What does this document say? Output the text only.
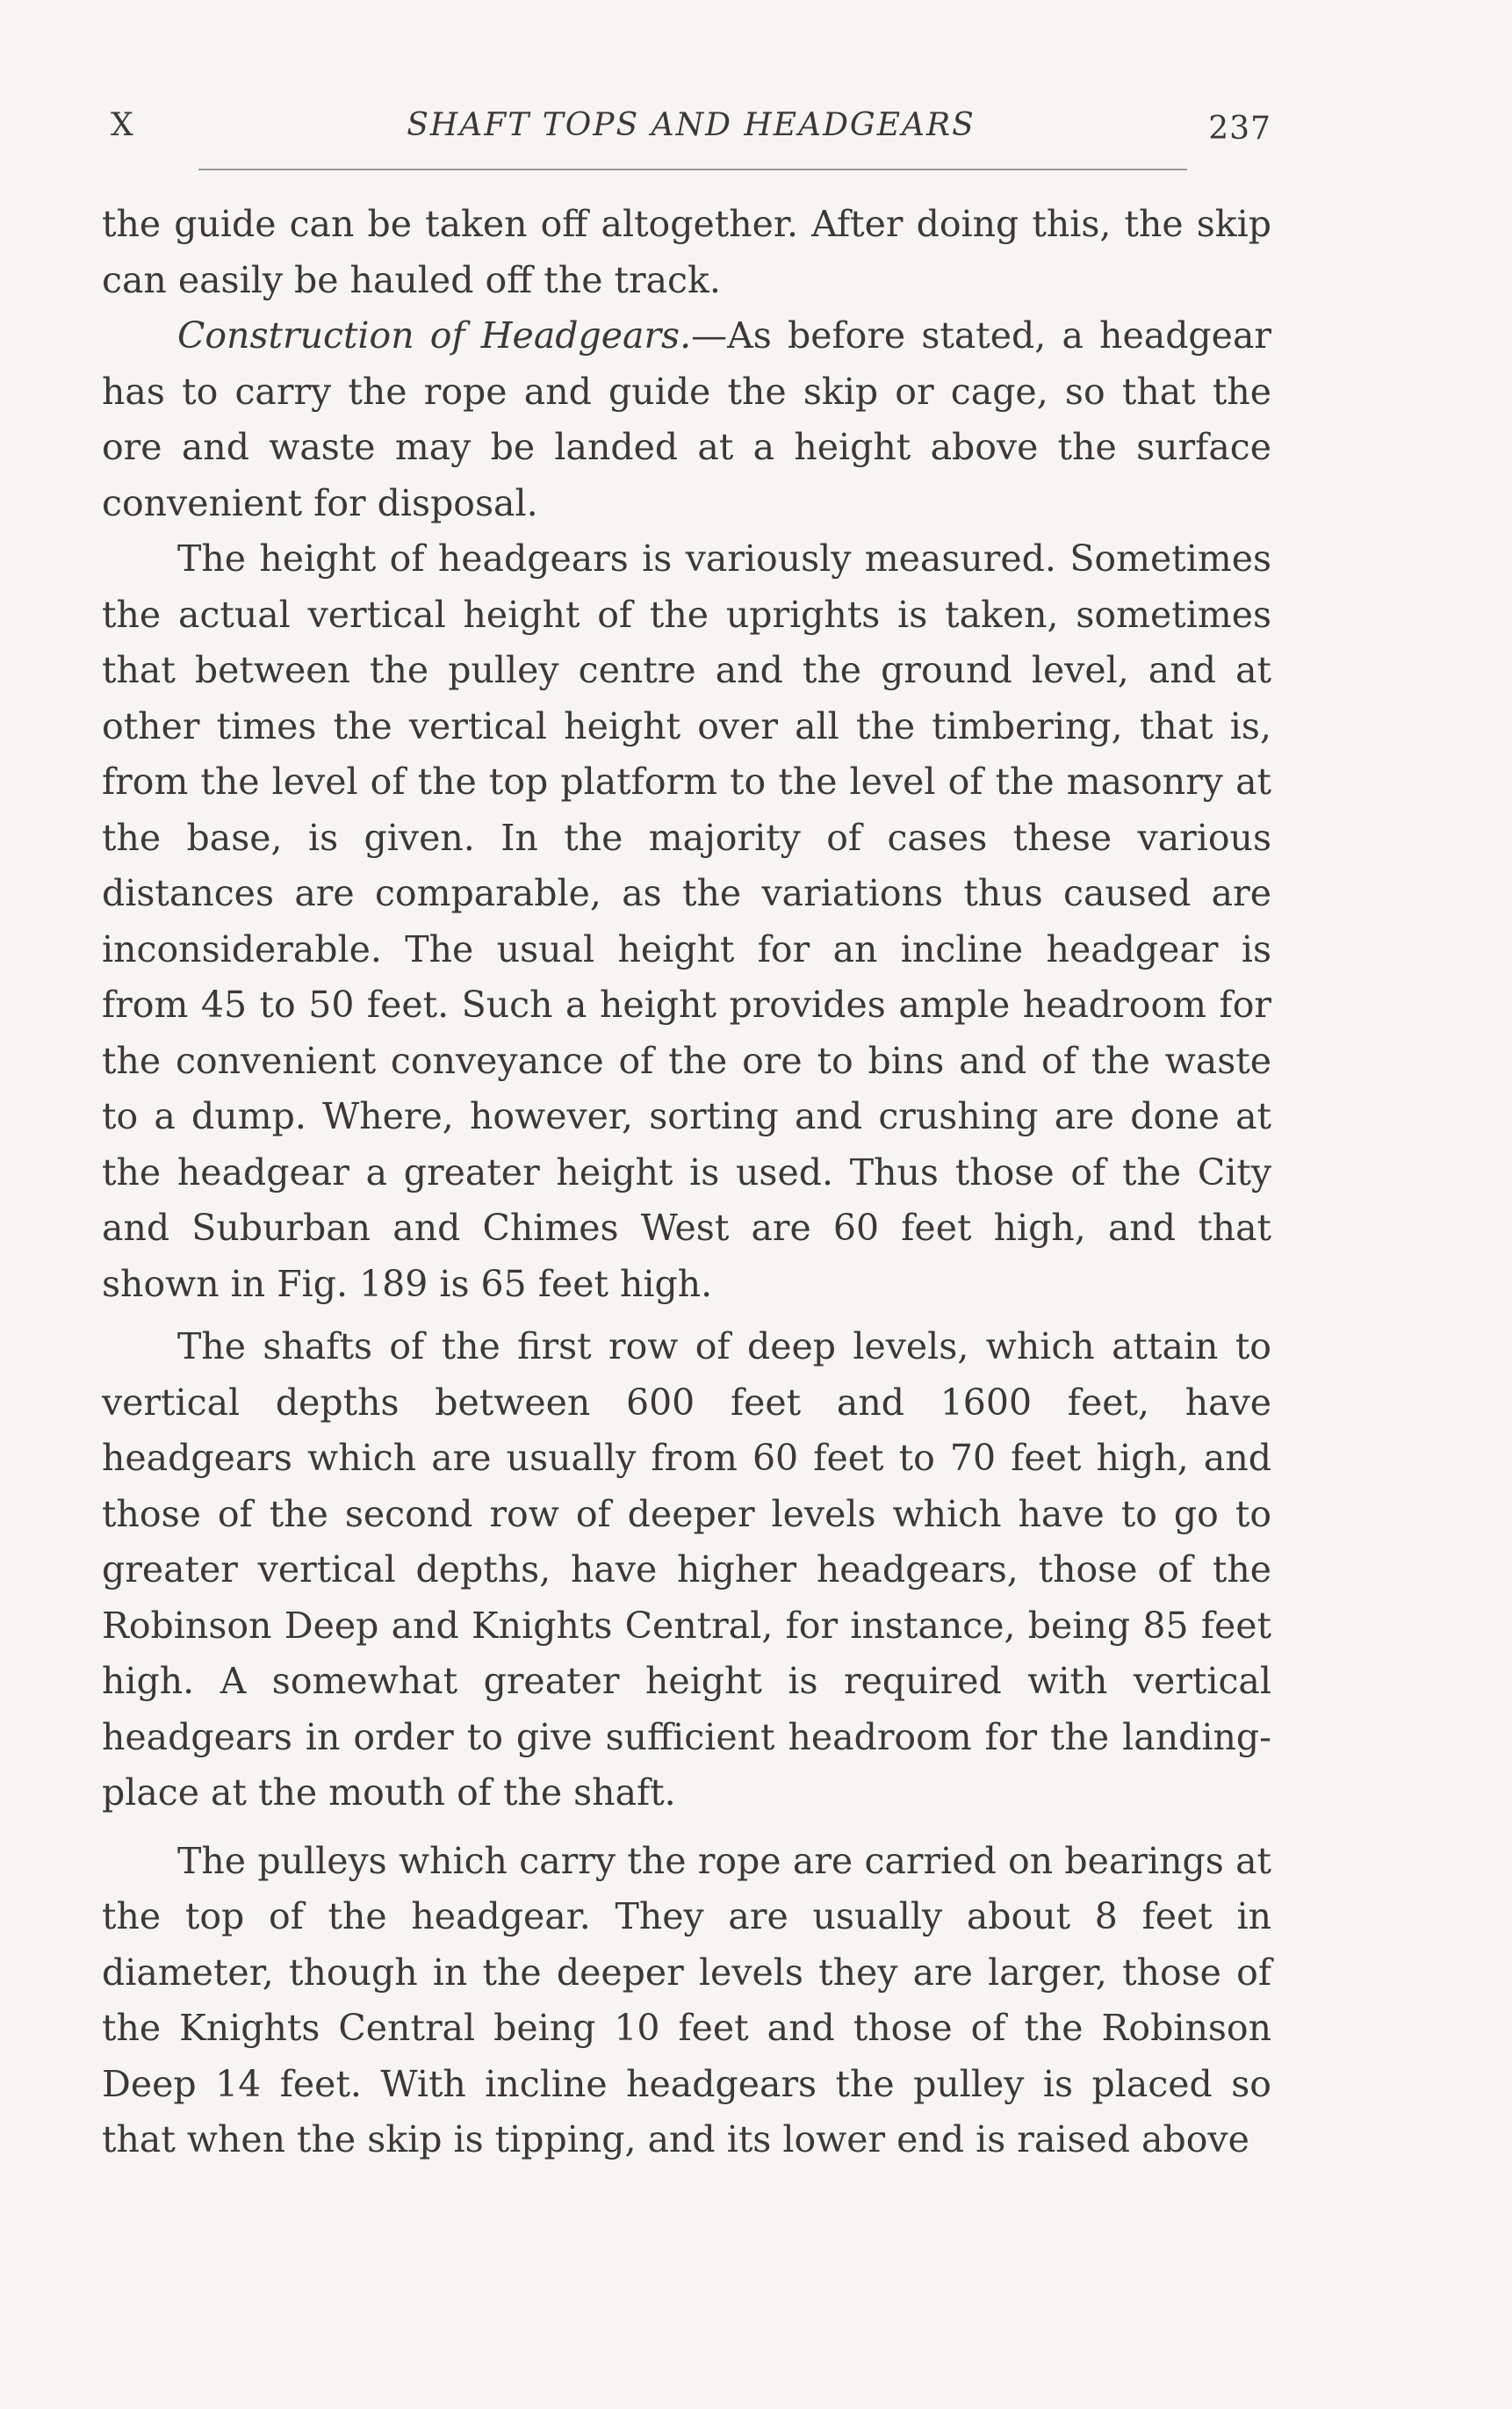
X	SHAFT TOPS AND HEADGEARS	237

the guide can be taken off altogether. After doing this, the skip can easily be hauled off the track.

Construction of Headgears.—As before stated, a headgear has to carry the rope and guide the skip or cage, so that the ore and waste may be landed at a height above the surface convenient for disposal.

The height of headgears is variously measured. Sometimes the actual vertical height of the uprights is taken, sometimes that between the pulley centre and the ground level, and at other times the vertical height over all the timbering, that is, from the level of the top platform to the level of the masonry at the base, is given. In the majority of cases these various distances are comparable, as the variations thus caused are inconsiderable. The usual height for an incline headgear is from 45 to 50 feet. Such a height provides ample headroom for the convenient conveyance of the ore to bins and of the waste to a dump. Where, however, sorting and crushing are done at the headgear a greater height is used. Thus those of the City and Suburban and Chimes West are 60 feet high, and that shown in Fig. 189 is 65 feet high.

The shafts of the first row of deep levels, which attain to vertical depths between 600 feet and 1600 feet, have headgears which are usually from 60 feet to 70 feet high, and those of the second row of deeper levels which have to go to greater vertical depths, have higher headgears, those of the Robinson Deep and Knights Central, for instance, being 85 feet high. A somewhat greater height is required with vertical headgears in order to give sufficient headroom for the landing-place at the mouth of the shaft.

The pulleys which carry the rope are carried on bearings at the top of the headgear. They are usually about 8 feet in diameter, though in the deeper levels they are larger, those of the Knights Central being 10 feet and those of the Robinson Deep 14 feet. With incline headgears the pulley is placed so that when the skip is tipping, and its lower end is raised above
